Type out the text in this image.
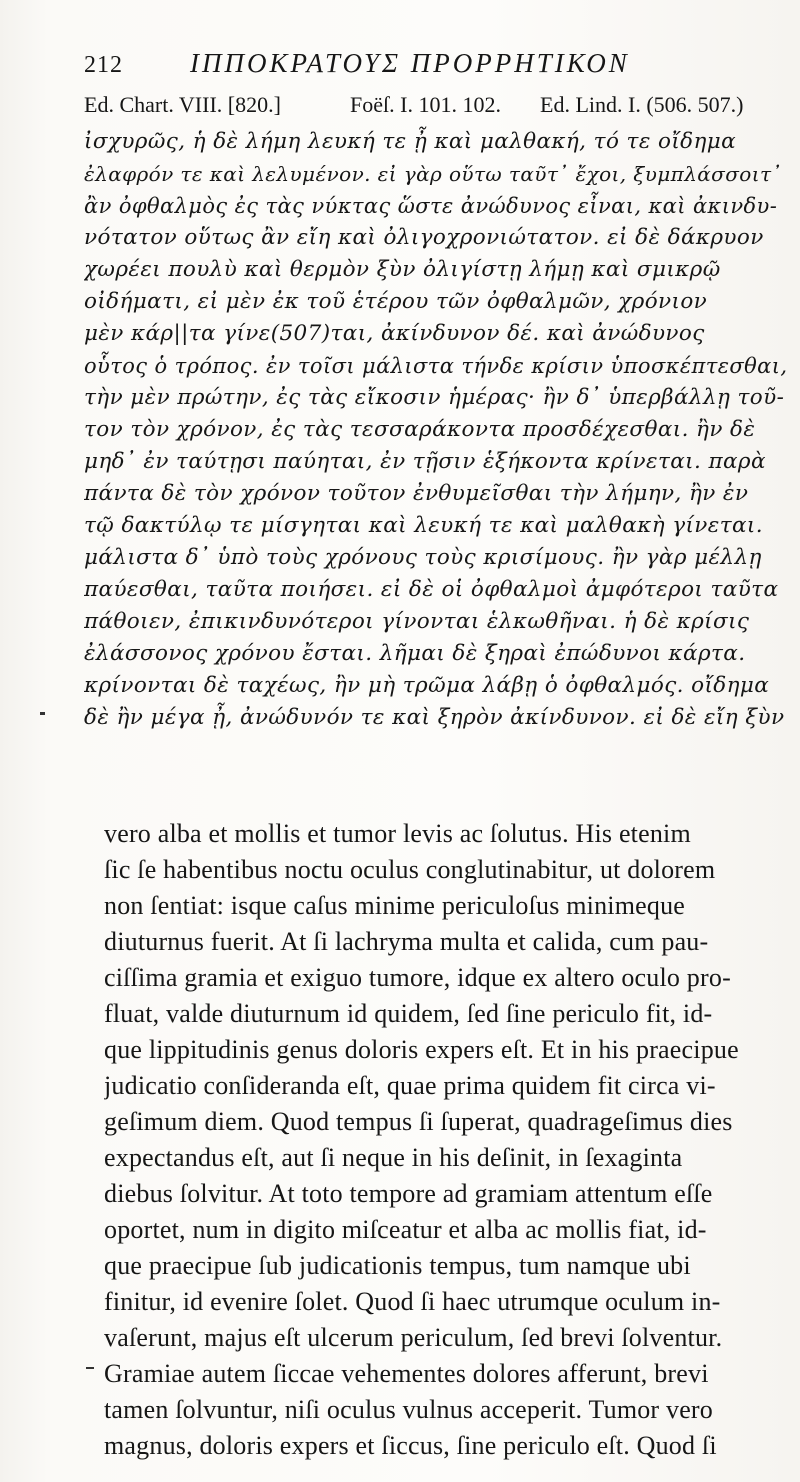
212 ΙΠΠΟΚΡΑΤΟΥΣ ΠΡΟΡΡΗΤΙΚΟΝ
Ed. Chart. VIII. [820.]	Foëſ. I. 101. 102. Ed. Lind. I. (506. 507.)
ἰσχυρῶς, ἡ δὲ λήμη λευκή τε ᾖ καὶ μαλθακή, τό τε οἴδημα
ἐλαφρόν τε καὶ λελυμένον. εἰ γὰρ οὕτω ταῦτ᾽ ἔχοι, ξυμπλάσσοιτ᾽
ἂν ὀφθαλμὸς ἐς τὰς νύκτας ὥστε ἀνώδυνος εἶναι, καὶ ἀκινδυ-
νότατον οὕτως ἂν εἴη καὶ ὀλιγοχρονιώτατον. εἰ δὲ δάκρυον
χωρέει πουλὺ καὶ θερμὸν ξὺν ὀλιγίστῃ λήμῃ καὶ σμικρῷ
οἰδήματι, εἰ μὲν ἐκ τοῦ ἑτέρου τῶν ὀφθαλμῶν, χρόνιον
μὲν κάρ||τα γίνε(507)ται, ἀκίνδυνον δέ. καὶ ἀνώδυνος
οὗτος ὁ τρόπος. ἐν τοῖσι μάλιστα τήνδε κρίσιν ὑποσκέπτεσθαι,
τὴν μὲν πρώτην, ἐς τὰς εἴκοσιν ἡμέρας· ἢν δ᾽ ὑπερβάλλῃ τοῦ-
τον τὸν χρόνον, ἐς τὰς τεσσαράκοντα προσδέχεσθαι. ἢν δὲ
μηδ᾽ ἐν ταύτῃσι παύηται, ἐν τῇσιν ἑξήκοντα κρίνεται. παρὰ
πάντα δὲ τὸν χρόνον τοῦτον ἐνθυμεῖσθαι τὴν λήμην, ἢν ἐν
τῷ δακτύλῳ τε μίσγηται καὶ λευκή τε καὶ μαλθακὴ γίνεται.
μάλιστα δ᾽ ὑπὸ τοὺς χρόνους τοὺς κρισίμους. ἢν γὰρ μέλλῃ
παύεσθαι, ταῦτα ποιήσει. εἰ δὲ οἱ ὀφθαλμοὶ ἀμφότεροι ταῦτα
πάθοιεν, ἐπικινδυνότεροι γίνονται ἑλκωθῆναι. ἡ δὲ κρίσις
ἐλάσσονος χρόνου ἔσται. λῆμαι δὲ ξηραὶ ἐπώδυνοι κάρτα.
κρίνονται δὲ ταχέως, ἢν μὴ τρῶμα λάβῃ ὁ ὀφθαλμός. οἴδημα
δὲ ἢν μέγα ᾖ, ἀνώδυνόν τε καὶ ξηρὸν ἀκίνδυνον. εἰ δὲ εἴη ξὺν
vero alba et mollis et tumor levis ac ſolutus. His etenim
ſic ſe habentibus noctu oculus conglutinabitur, ut dolorem
non ſentiat: isque caſus minime periculoſus minimeque
diuturnus fuerit. At ſi lachryma multa et calida, cum pau-
ciſſima gramia et exiguo tumore, idque ex altero oculo pro-
fluat, valde diuturnum id quidem, ſed ſine periculo fit, id-
que lippitudinis genus doloris expers eſt. Et in his praecipue
judicatio conſideranda eſt, quae prima quidem fit circa vi-
geſimum diem. Quod tempus ſi ſuperat, quadrageſimus dies
expectandus eſt, aut ſi neque in his deſinit, in ſexaginta
diebus ſolvitur. At toto tempore ad gramiam attentum eſſe
oportet, num in digito miſceatur et alba ac mollis fiat, id-
que praecipue ſub judicationis tempus, tum namque ubi
finitur, id evenire ſolet. Quod ſi haec utrumque oculum in-
vaſerunt, majus eſt ulcerum periculum, ſed brevi ſolventur.
Gramiae autem ſiccae vehementes dolores afferunt, brevi
tamen ſolvuntur, niſi oculus vulnus acceperit. Tumor vero
magnus, doloris expers et ſiccus, ſine periculo eſt. Quod ſi
